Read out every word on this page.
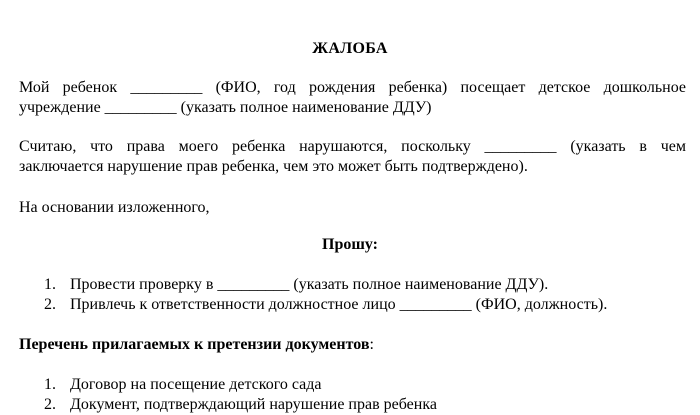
ЖАЛОБА
Мой ребенок _________ (ФИО, год рождения ребенка) посещает детское дошкольное
учреждение _________ (указать полное наименование ДДУ)
Считаю, что права моего ребенка нарушаются, поскольку _________ (указать в чем
заключается нарушение прав ребенка, чем это может быть подтверждено).
На основании изложенного,
Прошу:
1. Провести проверку в _________ (указать полное наименование ДДУ).
2. Привлечь к ответственности должностное лицо _________ (ФИО, должность).
Перечень прилагаемых к претензии документов:
1. Договор на посещение детского сада
2. Документ, подтверждающий нарушение прав ребенка
